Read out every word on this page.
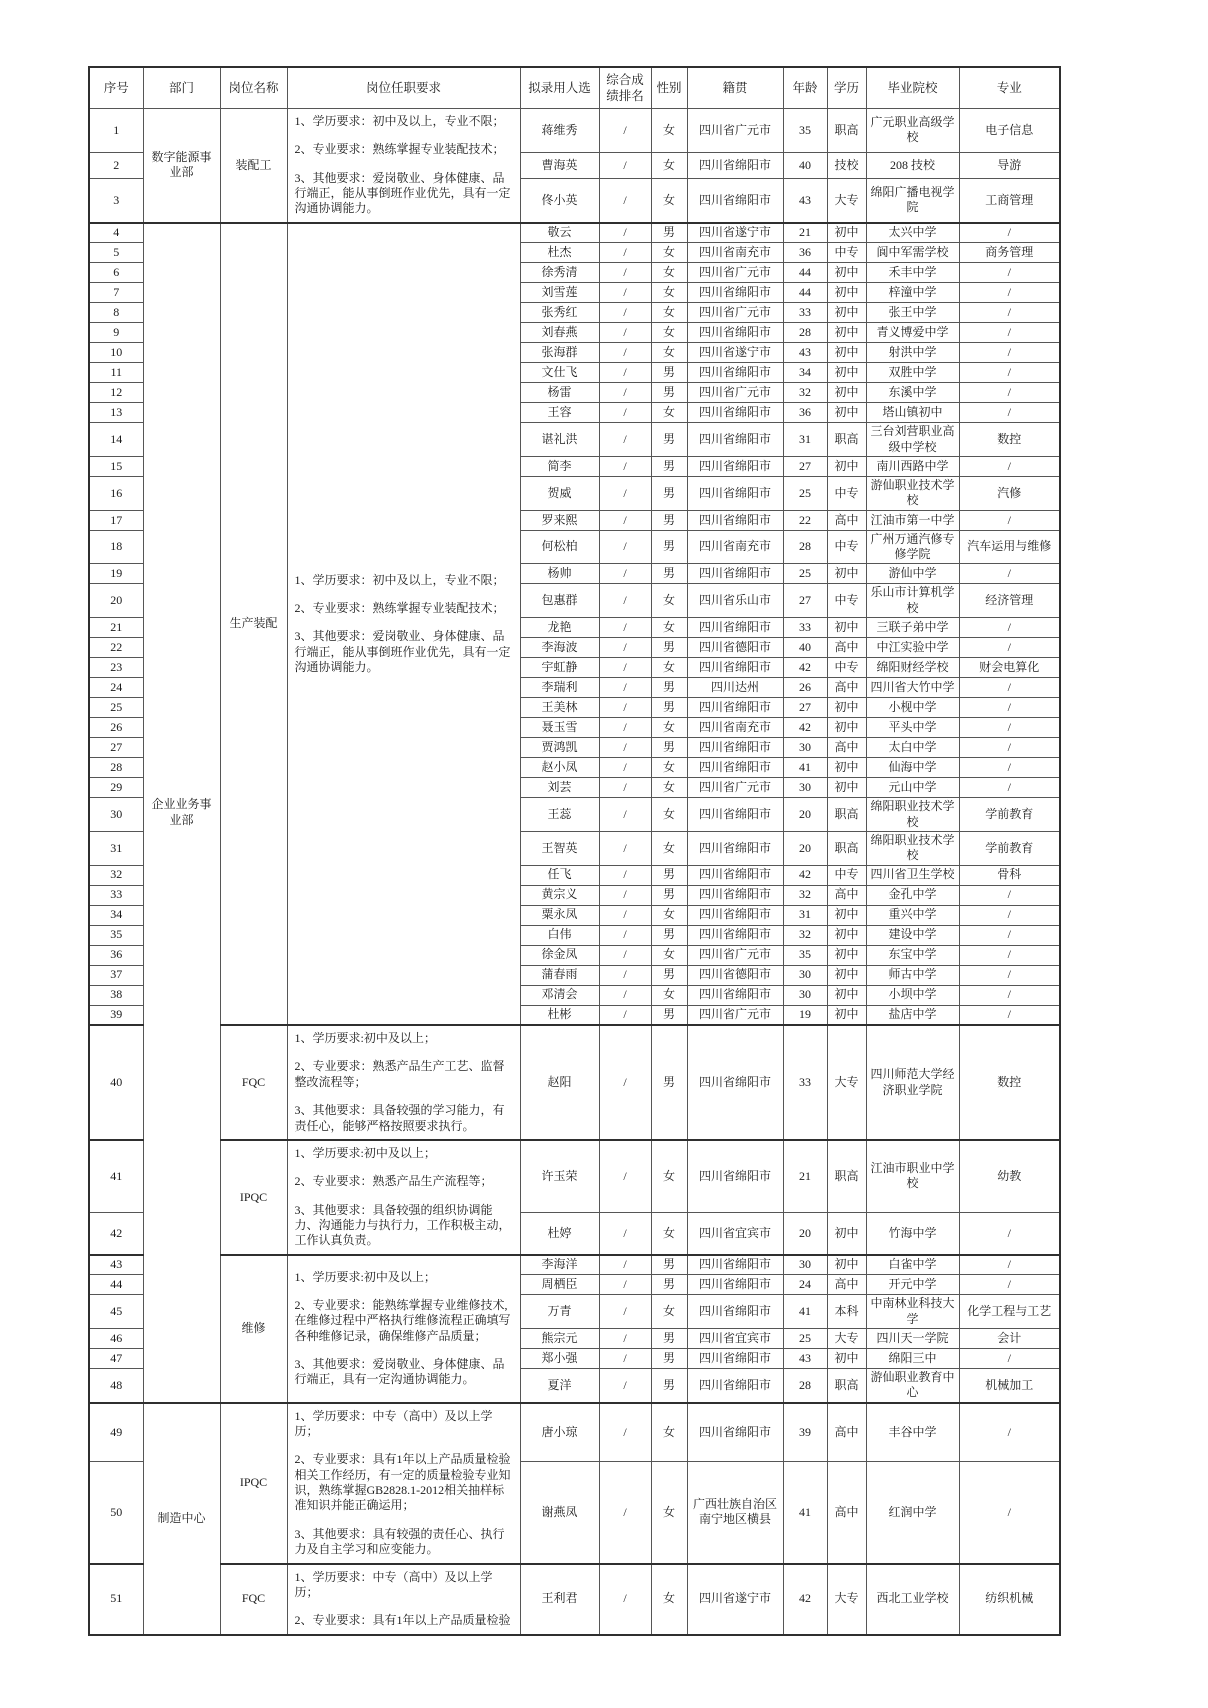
序号	部门	岗位名称	岗位任职要求	拟录用人选	综合成绩排名	性别	籍贯	年龄	学历	毕业院校	专业
1	数字能源事业部	装配工	1、学历要求：初中及以上，专业不限；

2、专业要求：熟练掌握专业装配技术；

3、其他要求：爱岗敬业、身体健康、品行端正，能从事倒班作业优先，具有一定沟通协调能力。	蒋维秀	/	女	四川省广元市	35	职高	广元职业高级学校	电子信息
2				曹海英	/	女	四川省绵阳市	40	技校	208 技校	导游
3				佟小英	/	女	四川省绵阳市	43	大专	绵阳广播电视学院	工商管理
4	企业业务事业部	生产装配	1、学历要求：初中及以上，专业不限；

2、专业要求：熟练掌握专业装配技术；

3、其他要求：爱岗敬业、身体健康、品行端正，能从事倒班作业优先，具有一定沟通协调能力。	敬云	/	男	四川省遂宁市	21	初中	太兴中学	/
5				杜杰	/	女	四川省南充市	36	中专	阆中军需学校	商务管理
6				徐秀清	/	女	四川省广元市	44	初中	禾丰中学	/
7				刘雪莲	/	女	四川省绵阳市	44	初中	梓潼中学	/
8				张秀红	/	女	四川省广元市	33	初中	张王中学	/
9				刘春燕	/	女	四川省绵阳市	28	初中	青义博爱中学	/
10				张海群	/	女	四川省遂宁市	43	初中	射洪中学	/
11				文仕飞	/	男	四川省绵阳市	34	初中	双胜中学	/
12				杨雷	/	男	四川省广元市	32	初中	东溪中学	/
13				王容	/	女	四川省绵阳市	36	初中	塔山镇初中	/
14				谌礼洪	/	男	四川省绵阳市	31	职高	三台刘营职业高级中学校	数控
15				简李	/	男	四川省绵阳市	27	初中	南川西路中学	/
16				贺威	/	男	四川省绵阳市	25	中专	游仙职业技术学校	汽修
17				罗来熙	/	男	四川省绵阳市	22	高中	江油市第一中学	/
18				何松柏	/	男	四川省南充市	28	中专	广州万通汽修专修学院	汽车运用与维修
19				杨帅	/	男	四川省绵阳市	25	初中	游仙中学	/
20				包惠群	/	女	四川省乐山市	27	中专	乐山市计算机学校	经济管理
21				龙艳	/	女	四川省绵阳市	33	初中	三联子弟中学	/
22				李海波	/	男	四川省德阳市	40	高中	中江实验中学	/
23				宇虹静	/	女	四川省绵阳市	42	中专	绵阳财经学校	财会电算化
24				李瑞利	/	男	四川达州	26	高中	四川省大竹中学	/
25				王美林	/	男	四川省绵阳市	27	初中	小枧中学	/
26				聂玉雪	/	女	四川省南充市	42	初中	平头中学	/
27				贾鸿凯	/	男	四川省绵阳市	30	高中	太白中学	/
28				赵小凤	/	女	四川省绵阳市	41	初中	仙海中学	/
29				刘芸	/	女	四川省广元市	30	初中	元山中学	/
30				王蕊	/	女	四川省绵阳市	20	职高	绵阳职业技术学校	学前教育
31				王智英	/	女	四川省绵阳市	20	职高	绵阳职业技术学校	学前教育
32				任飞	/	男	四川省绵阳市	42	中专	四川省卫生学校	骨科
33				黄宗义	/	男	四川省绵阳市	32	高中	金孔中学	/
34				粟永凤	/	女	四川省绵阳市	31	初中	重兴中学	/
35				白伟	/	男	四川省绵阳市	32	初中	建设中学	/
36				徐金凤	/	女	四川省广元市	35	初中	东宝中学	/
37				蒲春雨	/	男	四川省德阳市	30	初中	师古中学	/
38				邓清会	/	女	四川省绵阳市	30	初中	小坝中学	/
39				杜彬	/	男	四川省广元市	19	初中	盐店中学	/
40		FQC	1、学历要求:初中及以上；

2、专业要求：熟悉产品生产工艺、监督整改流程等；

3、其他要求：具备较强的学习能力，有责任心，能够严格按照要求执行。	赵阳	/	男	四川省绵阳市	33	大专	四川师范大学经济职业学院	数控
41		IPQC	1、学历要求:初中及以上；

2、专业要求：熟悉产品生产流程等；

3、其他要求：具备较强的组织协调能力、沟通能力与执行力，工作积极主动，工作认真负责。	许玉荣	/	女	四川省绵阳市	21	职高	江油市职业中学校	幼教
42				杜婷	/	女	四川省宜宾市	20	初中	竹海中学	/
43		维修	1、学历要求:初中及以上；

2、专业要求：能熟练掌握专业维修技术,在维修过程中严格执行维修流程正确填写各种维修记录，确保维修产品质量；

3、其他要求：爱岗敬业、身体健康、品行端正，具有一定沟通协调能力。	李海洋	/	男	四川省绵阳市	30	初中	白雀中学	/
44				周栖臣	/	男	四川省绵阳市	24	高中	开元中学	/
45				万青	/	女	四川省绵阳市	41	本科	中南林业科技大学	化学工程与工艺
46				熊宗元	/	男	四川省宜宾市	25	大专	四川天一学院	会计
47				郑小强	/	男	四川省绵阳市	43	初中	绵阳三中	/
48				夏洋	/	男	四川省绵阳市	28	职高	游仙职业教育中心	机械加工
49	制造中心	IPQC	1、学历要求：中专（高中）及以上学历；

2、专业要求：具有1年以上产品质量检验相关工作经历，有一定的质量检验专业知识，熟练掌握GB2828.1-2012相关抽样标准知识并能正确运用；

3、其他要求：具有较强的责任心、执行力及自主学习和应变能力。	唐小琼	/	女	四川省绵阳市	39	高中	丰谷中学	/
50				谢燕凤	/	女	广西壮族自治区南宁地区横县	41	高中	红润中学	/
51		FQC	1、学历要求：中专（高中）及以上学历；

2、专业要求：具有1年以上产品质量检验	王利君	/	女	四川省遂宁市	42	大专	西北工业学校	纺织机械
